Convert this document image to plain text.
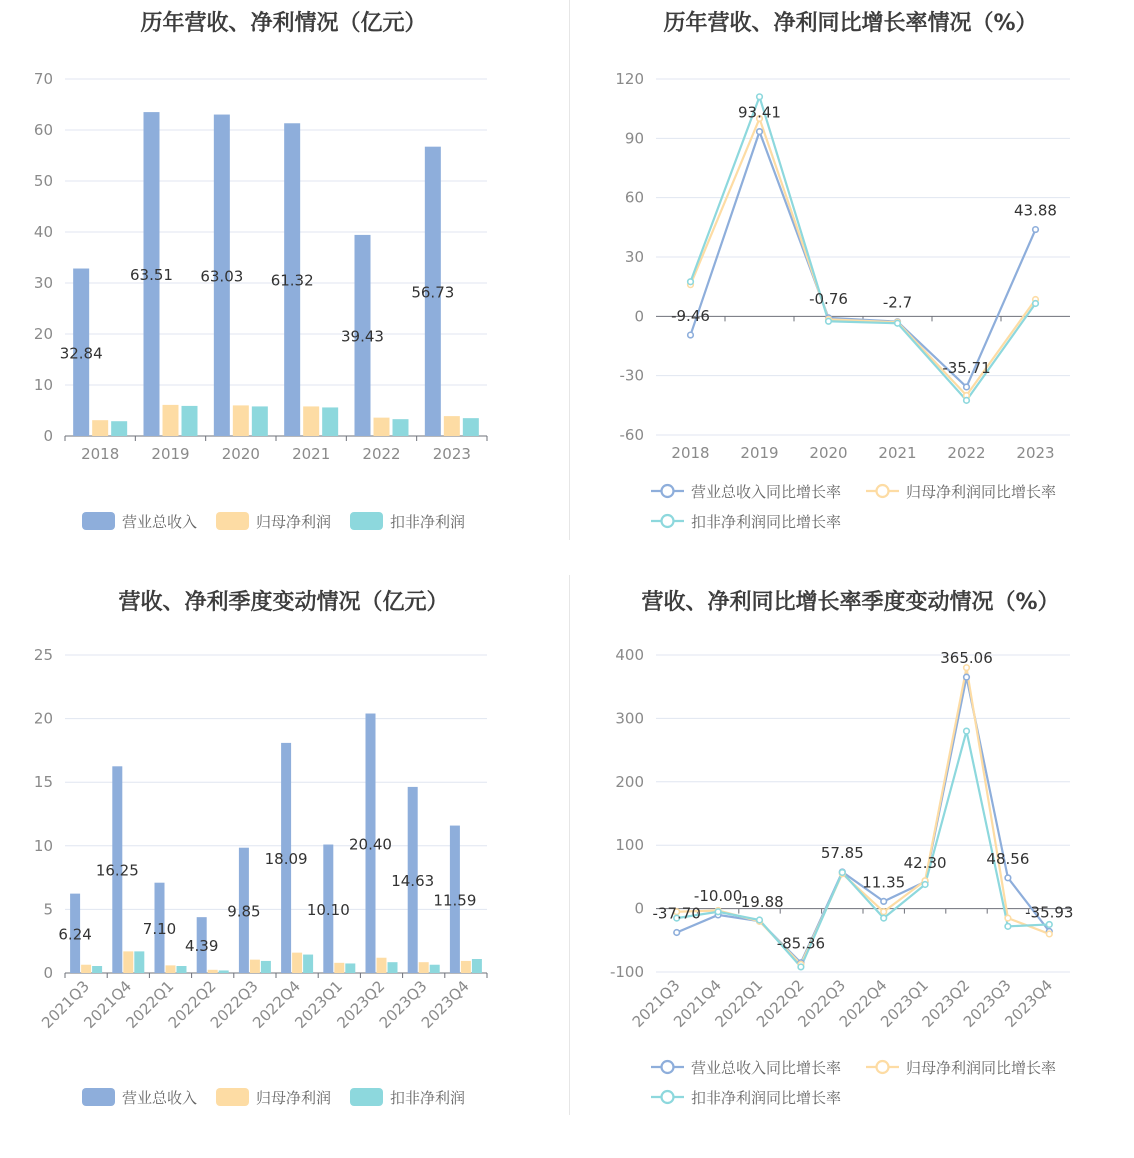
历年营收、净利情况（亿元）
0
10
20
30
40
50
60
70
2018 2019 2020 2021 2022 2023
32.84
63.51 63.03 61.32
39.43
56.73
营业总收入	归母净利润	扣非净利润
历年营收、净利同比增长率情况（%）
-60
-30
0
30
60
90
120
2018 2019 2020 2021 2022 2023
-9.46
93.41
-0.76 -2.7
-35.71
43.88
营业总收入同比增长率	归母净利润同比增长率
扣非净利润同比增长率
营收、净利季度变动情况（亿元）
0
5
10
15
20
25
2021Q3
2021Q4
2022Q1
2022Q2
2022Q3
2022Q4
2023Q1
2023Q2
2023Q3
2023Q4
6.24
16.25
7.10
4.39
9.85
18.09
10.10
20.40
14.63
11.59
营业总收入	归母净利润	扣非净利润
营收、净利同比增长率季度变动情况（%）
-100
0
100
200
300
400
2021Q3
2021Q4
2022Q1
2022Q2
2022Q3
2022Q4
2023Q1
2023Q2
2023Q3
2023Q4
-37.70
-10.00
-19.88
-85.36
57.85
11.35
42.30
365.06
48.56
-35.93
营业总收入同比增长率	归母净利润同比增长率
扣非净利润同比增长率
